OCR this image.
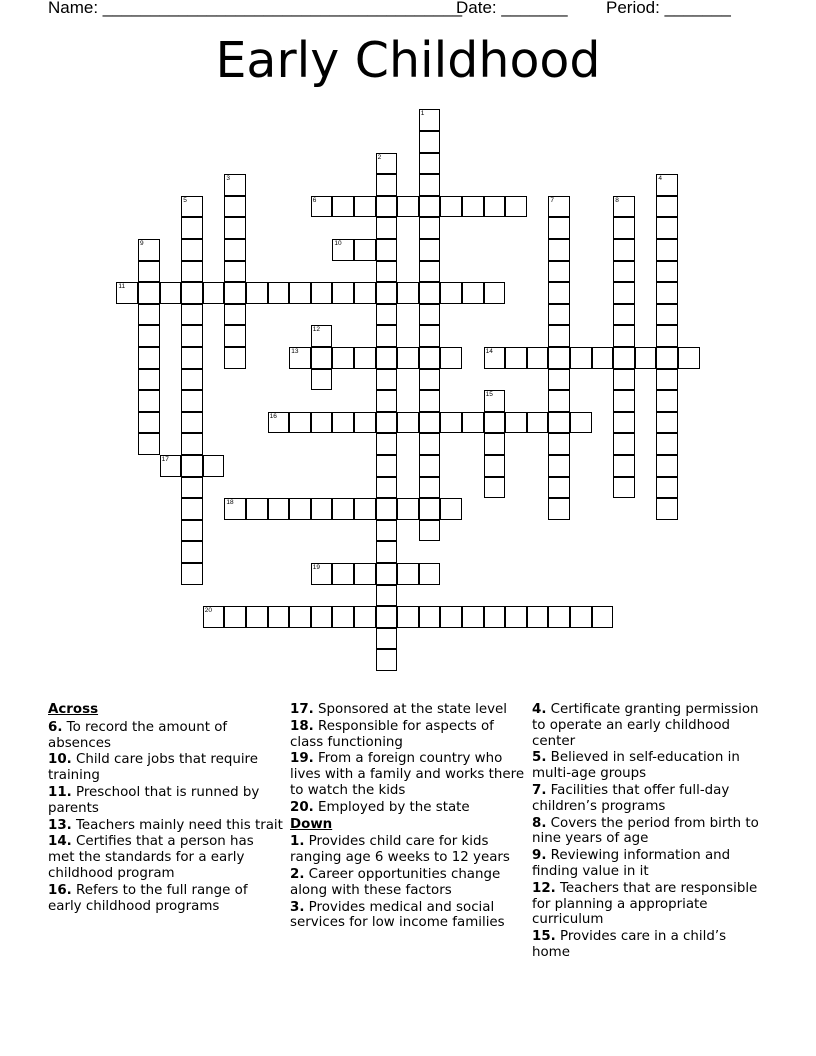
Name: ______________________________________
Date: _______ Period: _______
Early Childhood
1
2
3	4
5	6	7	8
9	10
11
12
13	14
15
16
17
18
19
20
Across
6. To record the amount of absences
10. Child care jobs that require training
11. Preschool that is runned by parents
13. Teachers mainly need this trait
14. Certifies that a person has met the standards for a early childhood program
16. Refers to the full range of early childhood programs
17. Sponsored at the state level
18. Responsible for aspects of class functioning
19. From a foreign country who lives with a family and works there to watch the kids
20. Employed by the state
Down
1. Provides child care for kids ranging age 6 weeks to 12 years
2. Career opportunities change along with these factors
3. Provides medical and social services for low income families
4. Certificate granting permission to operate an early childhood center
5. Believed in self-education in multi-age groups
7. Facilities that offer full-day children’s programs
8. Covers the period from birth to nine years of age
9. Reviewing information and finding value in it
12. Teachers that are responsible for planning a appropriate curriculum
15. Provides care in a child’s home
